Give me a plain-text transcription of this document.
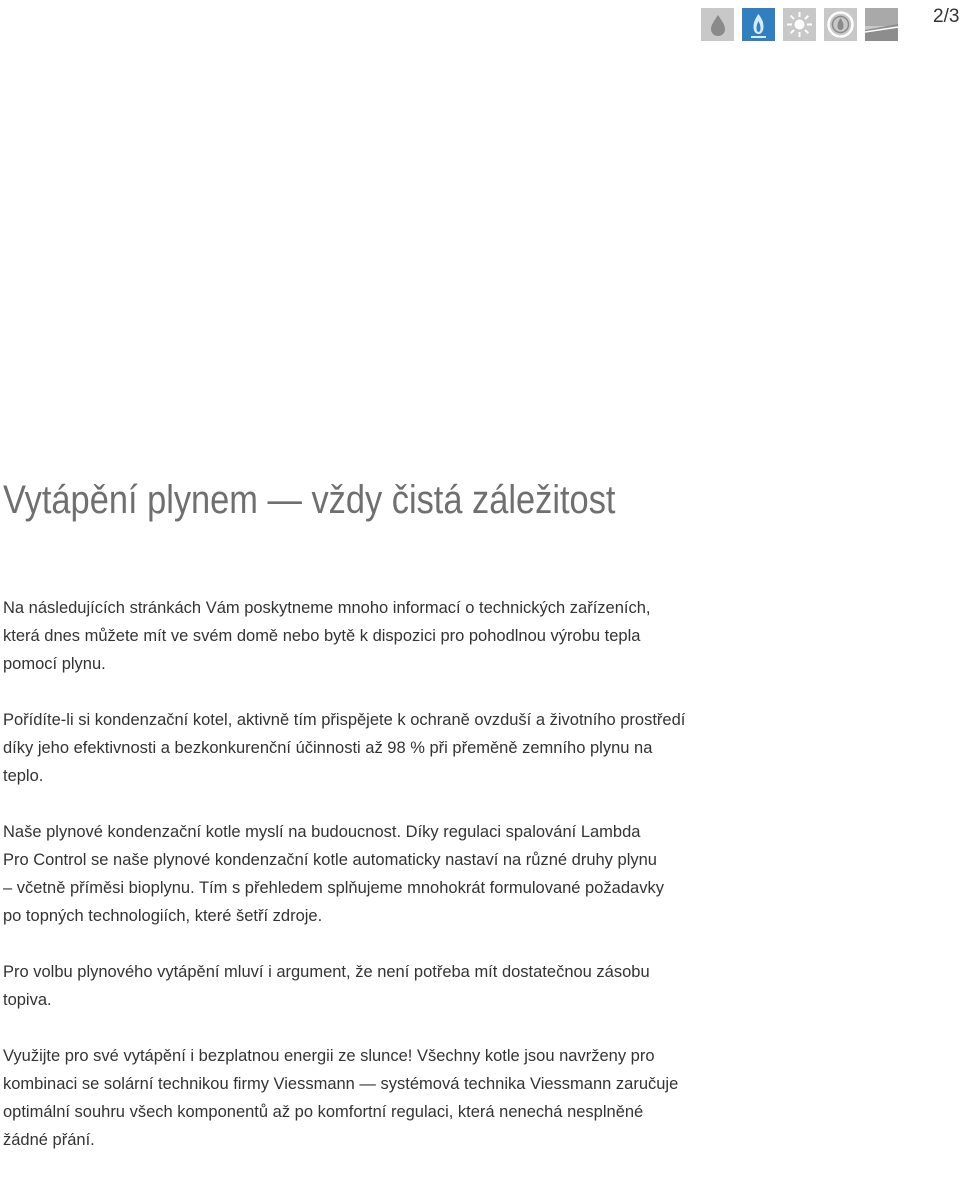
2/3
Vytápění plynem — vždy čistá záležitost

Na následujících stránkách Vám poskytneme mnoho informací o technických zařízeních,
která dnes můžete mít ve svém domě nebo bytě k dispozici pro pohodlnou výrobu tepla
pomocí plynu.

Pořídíte-li si kondenzační kotel, aktivně tím přispějete k ochraně ovzduší a životního prostředí
díky jeho efektivnosti a bezkonkurenční účinnosti až 98 % při přeměně zemního plynu na
teplo.

Naše plynové kondenzační kotle myslí na budoucnost. Díky regulaci spalování Lambda
Pro Control se naše plynové kondenzační kotle automaticky nastaví na různé druhy plynu
– včetně příměsi bioplynu. Tím s přehledem splňujeme mnohokrát formulované požadavky
po topných technologiích, které šetří zdroje.

Pro volbu plynového vytápění mluví i argument, že není potřeba mít dostatečnou zásobu
topiva.

Využijte pro své vytápění i bezplatnou energii ze slunce! Všechny kotle jsou navrženy pro
kombinaci se solární technikou firmy Viessmann — systémová technika Viessmann zaručuje
optimální souhru všech komponentů až po komfortní regulaci, která nenechá nesplněné
žádné přání.
